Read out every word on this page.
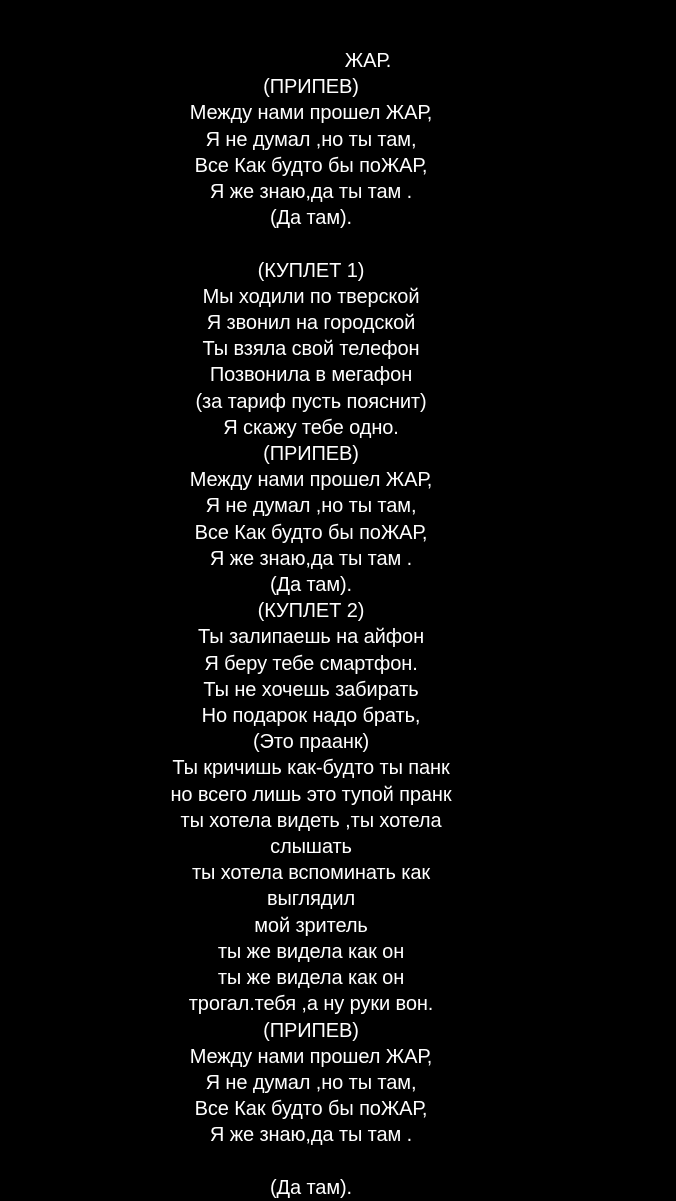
ЖАР.
(ПРИПЕВ)
Между нами прошел ЖАР,
Я не думал ,но ты там,
Все Как будто бы поЖАР,
Я же знаю,да ты там .
(Да там).
(КУПЛЕТ 1)
Мы ходили по тверской
Я звонил на городской
Ты взяла свой телефон
Позвонила в мегафон
(за тариф пусть пояснит)
Я скажу тебе одно.
(ПРИПЕВ)
Между нами прошел ЖАР,
Я не думал ,но ты там,
Все Как будто бы поЖАР,
Я же знаю,да ты там .
(Да там).
(КУПЛЕТ 2)
Ты залипаешь на айфон
Я беру тебе смартфон.
Ты не хочешь забирать
Но подарок надо брать,
(Это праанк)
Ты кричишь как-будто ты панк
но всего лишь это тупой пранк
ты хотела видеть ,ты хотела
слышать
ты хотела вспоминать как
выглядил
мой зритель
ты же видела как он
ты же видела как он
трогал.тебя ,а ну руки вон.
(ПРИПЕВ)
Между нами прошел ЖАР,
Я не думал ,но ты там,
Все Как будто бы поЖАР,
Я же знаю,да ты там .
(Да там).
